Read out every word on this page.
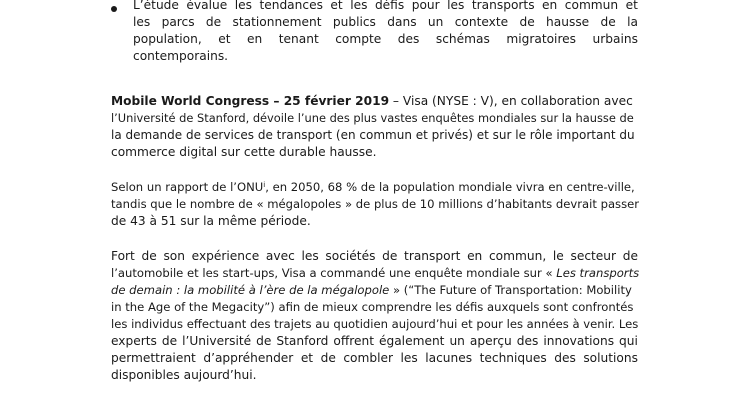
L’étude évalue les tendances et les défis pour les transports en commun et
les parcs de stationnement publics dans un contexte de hausse de la
population, et en tenant compte des schémas migratoires urbains
contemporains.
Mobile World Congress – 25 février 2019 – Visa (NYSE : V), en collaboration avec
l’Université de Stanford, dévoile l’une des plus vastes enquêtes mondiales sur la hausse de
la demande de services de transport (en commun et privés) et sur le rôle important du
commerce digital sur cette durable hausse.
Selon un rapport de l’ONU$^i$, en 2050, 68 % de la population mondiale vivra en centre-ville,
tandis que le nombre de « mégalopoles » de plus de 10 millions d’habitants devrait passer
de 43 à 51 sur la même période.
Fort de son expérience avec les sociétés de transport en commun, le secteur de
l’automobile et les start-ups, Visa a commandé une enquête mondiale sur « Les transports
de demain : la mobilité à l’ère de la mégalopole » (“The Future of Transportation: Mobility
in the Age of the Megacity”) afin de mieux comprendre les défis auxquels sont confrontés
les individus effectuant des trajets au quotidien aujourd’hui et pour les années à venir. Les
experts de l’Université de Stanford offrent également un aperçu des innovations qui
permettraient d’appréhender et de combler les lacunes techniques des solutions
disponibles aujourd’hui.
